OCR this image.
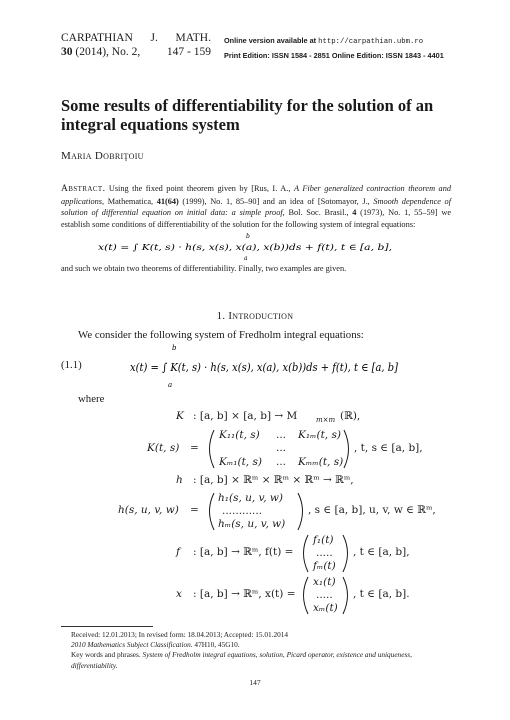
CARPATHIAN J. MATH.
30 (2014), No. 2, 147 - 159
Online version available at http://carpathian.ubm.ro
Print Edition: ISSN 1584 - 2851 Online Edition: ISSN 1843 - 4401
Some results of differentiability for the solution of an
integral equations system
Maria Dobriţoiu
Abstract. Using the fixed point theorem given by [Rus, I. A., A Fiber generalized contraction theorem and applications, Mathematica, 41(64) (1999), No. 1, 85–90] and an idea of [Sotomayor, J., Smooth dependence of solution of differential equation on initial data: a simple proof, Bol. Soc. Brasil., 4 (1973), No. 1, 55–59] we establish some conditions of differentiability of the solution for the following system of integral equations:
b
a
x(t) = ∫ K(t, s) · h(s, x(s), x(a), x(b))ds + f(t), t ∈ [a, b],
and such we obtain two theorems of differentiability. Finally, two examples are given.
1. Introduction
We consider the following system of Fredholm integral equations:
(1.1)
b
a
x(t) = ∫ K(t, s) · h(s, x(s), x(a), x(b))ds + f(t), t ∈ [a, b]
where
K : [a, b] × [a, b] → M	m×m (ℝ),
K(t, s) =
K₁₁(t, s) ... K₁ₘ(t, s)
...
Kₘ₁(t, s) ... Kₘₘ(t, s)
, t, s ∈ [a, b],
h : [a, b] × ℝᵐ × ℝᵐ × ℝᵐ → ℝᵐ,
h(s, u, v, w) =
h₁(s, u, v, w)
............
hₘ(s, u, v, w)
, s ∈ [a, b], u, v, w ∈ ℝᵐ,
f : [a, b] → ℝᵐ, f(t) =
f₁(t)
.....
fₘ(t)
, t ∈ [a, b],
x : [a, b] → ℝᵐ, x(t) =
x₁(t)
.....
xₘ(t)
, t ∈ [a, b].
Received: 12.01.2013; In revised form: 18.04.2013; Accepted: 15.01.2014
2010 Mathematics Subject Classification. 47H10, 45G10.
Key words and phrases. System of Fredholm integral equations, solution, Picard operator, existence and uniqueness, differentiability.
147
